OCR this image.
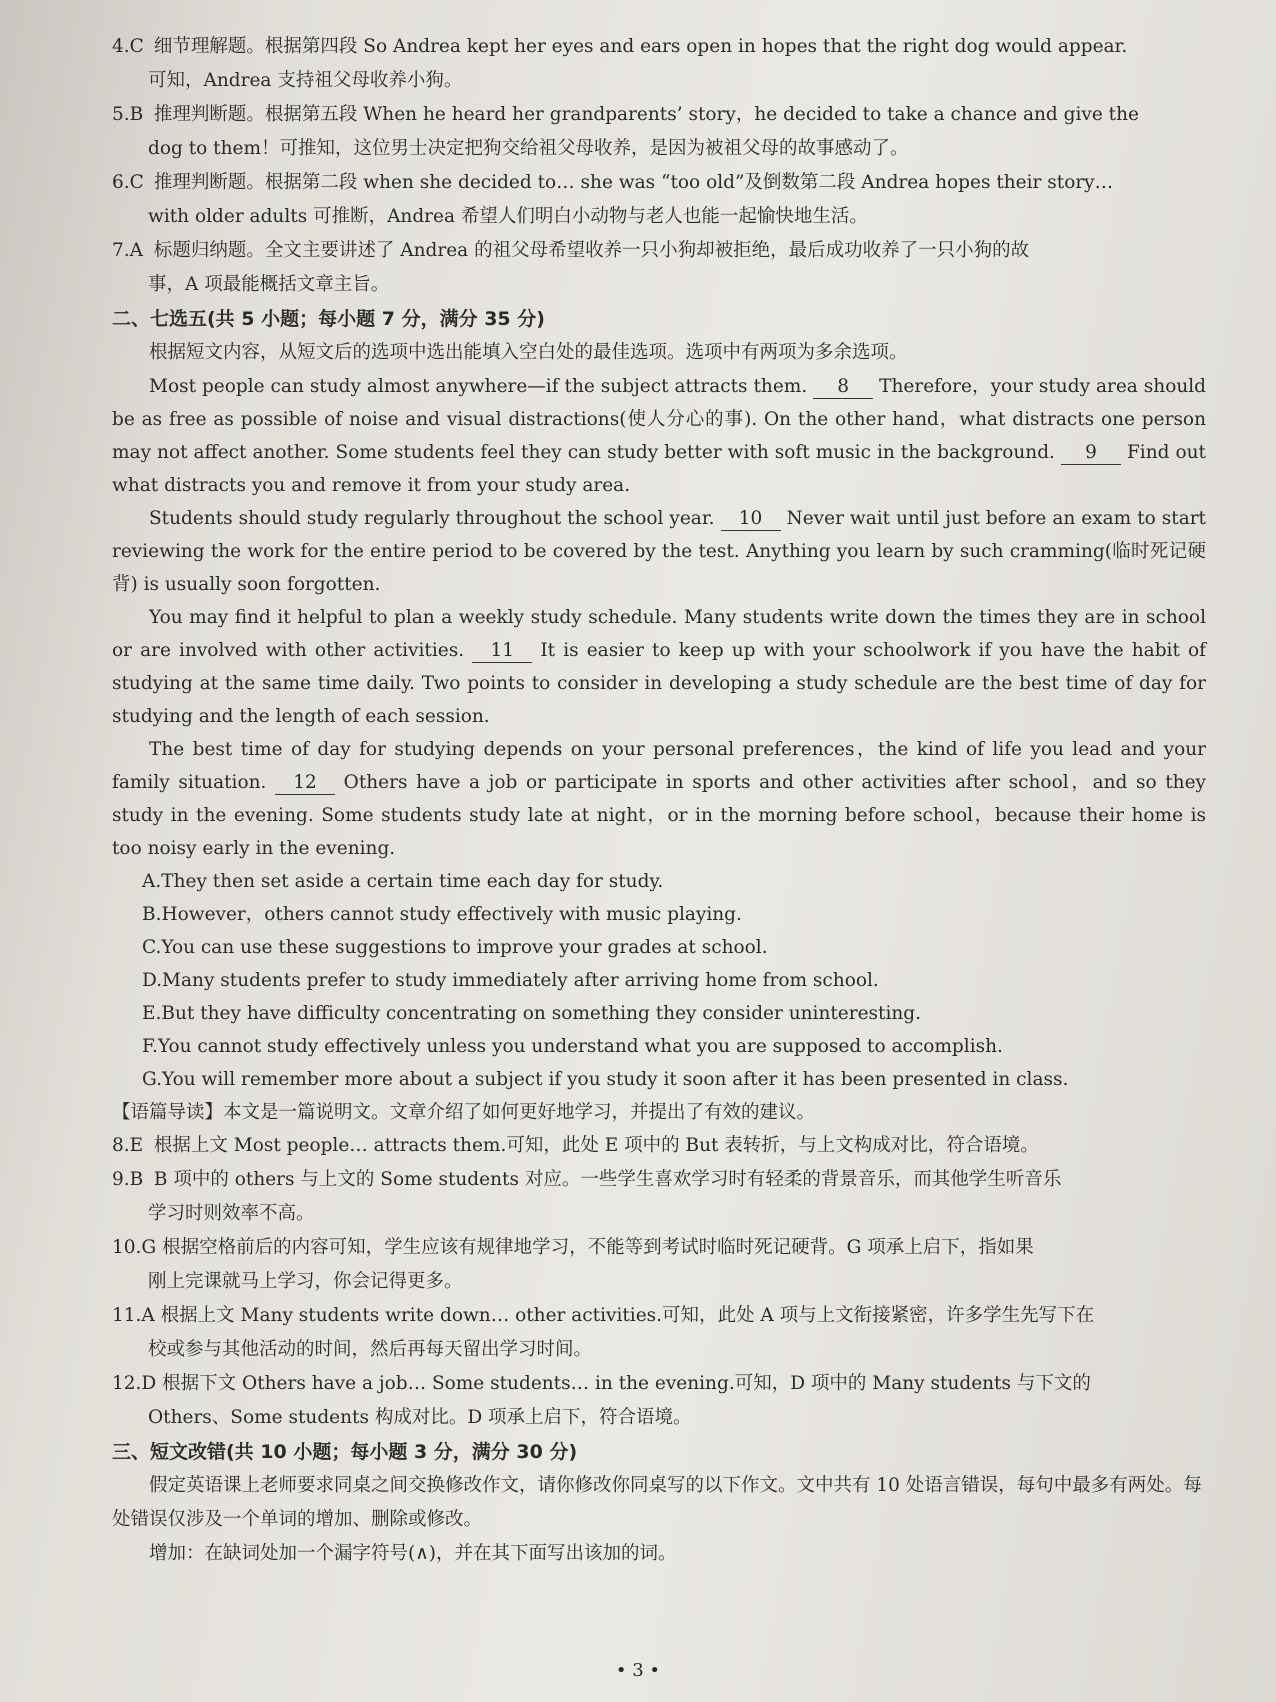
4.C 细节理解题。根据第四段 So Andrea kept her eyes and ears open in hopes that the right dog would appear.

可知，Andrea 支持祖父母收养小狗。

5.B 推理判断题。根据第五段 When he heard her grandparents’ story，he decided to take a chance and give the

dog to them！可推知，这位男士决定把狗交给祖父母收养，是因为被祖父母的故事感动了。

6.C 推理判断题。根据第二段 when she decided to… she was “too old”及倒数第二段 Andrea hopes their story…

with older adults 可推断，Andrea 希望人们明白小动物与老人也能一起愉快地生活。

7.A 标题归纳题。全文主要讲述了 Andrea 的祖父母希望收养一只小狗却被拒绝，最后成功收养了一只小狗的故

事，A 项最能概括文章主旨。

二、七选五(共 5 小题；每小题 7 分，满分 35 分)

根据短文内容，从短文后的选项中选出能填入空白处的最佳选项。选项中有两项为多余选项。

Most people can study almost anywhere—if the subject attracts them. 8 Therefore，your study area should be as free as possible of noise and visual distractions(使人分心的事). On the other hand，what distracts one person may not affect another. Some students feel they can study better with soft music in the background. 9 Find out what distracts you and remove it from your study area.

Students should study regularly throughout the school year. 10 Never wait until just before an exam to start reviewing the work for the entire period to be covered by the test. Anything you learn by such cramming(临时死记硬背) is usually soon forgotten.

You may find it helpful to plan a weekly study schedule. Many students write down the times they are in school or are involved with other activities. 11 It is easier to keep up with your schoolwork if you have the habit of studying at the same time daily. Two points to consider in developing a study schedule are the best time of day for studying and the length of each session.

The best time of day for studying depends on your personal preferences，the kind of life you lead and your family situation. 12 Others have a job or participate in sports and other activities after school，and so they study in the evening. Some students study late at night，or in the morning before school，because their home is too noisy early in the evening.

A.They then set aside a certain time each day for study.

B.However，others cannot study effectively with music playing.

C.You can use these suggestions to improve your grades at school.

D.Many students prefer to study immediately after arriving home from school.

E.But they have difficulty concentrating on something they consider uninteresting.

F.You cannot study effectively unless you understand what you are supposed to accomplish.

G.You will remember more about a subject if you study it soon after it has been presented in class.

【语篇导读】本文是一篇说明文。文章介绍了如何更好地学习，并提出了有效的建议。

8.E 根据上文 Most people… attracts them.可知，此处 E 项中的 But 表转折，与上文构成对比，符合语境。

9.B B 项中的 others 与上文的 Some students 对应。一些学生喜欢学习时有轻柔的背景音乐，而其他学生听音乐

学习时则效率不高。

10.G 根据空格前后的内容可知，学生应该有规律地学习，不能等到考试时临时死记硬背。G 项承上启下，指如果

刚上完课就马上学习，你会记得更多。

11.A 根据上文 Many students write down… other activities.可知，此处 A 项与上文衔接紧密，许多学生先写下在

校或参与其他活动的时间，然后再每天留出学习时间。

12.D 根据下文 Others have a job… Some students… in the evening.可知，D 项中的 Many students 与下文的

Others、Some students 构成对比。D 项承上启下，符合语境。

三、短文改错(共 10 小题；每小题 3 分，满分 30 分)

假定英语课上老师要求同桌之间交换修改作文，请你修改你同桌写的以下作文。文中共有 10 处语言错误，每句中最多有两处。每处错误仅涉及一个单词的增加、删除或修改。

增加：在缺词处加一个漏字符号(∧)，并在其下面写出该加的词。

• 3 •
